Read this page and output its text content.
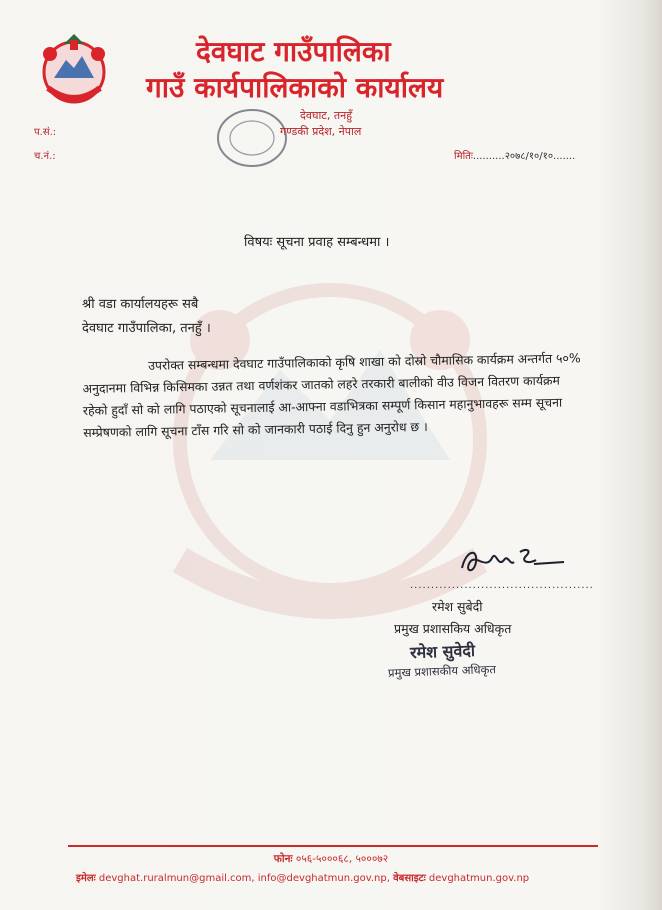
देवघाट गाउँपालिका
गाउँ कार्यपालिकाको कार्यालय
देवघाट, तनहुँ
गण्डकी प्रदेश, नेपाल
प.सं.:
च.नं.:	मितिः..........२०७८/१०/१०.......
विषयः सूचना प्रवाह सम्बन्धमा ।
श्री वडा कार्यालयहरू सबै
देवघाट गाउँपालिका, तनहुँ ।

उपरोक्त सम्बन्धमा देवघाट गाउँपालिकाको कृषि शाखा को दोस्रो चौमासिक कार्यक्रम अन्तर्गत ५०% अनुदानमा विभिन्न किसिमका उन्नत तथा वर्णशंकर जातको लहरे तरकारी बालीको वीउ विजन वितरण कार्यक्रम रहेको हुदाँ सो को लागि पठाएको सूचनालाई आ-आफ्ना वडाभित्रका सम्पूर्ण किसान महानुभावहरू सम्म सूचना सम्प्रेषणको लागि सूचना टाँस गरि सो को जानकारी पठाई दिनु हुन अनुरोध छ ।

............................................
रमेश सुबेदी
प्रमुख प्रशासकिय अधिकृत
रमेश सुवेदी
प्रमुख प्रशासकीय अधिकृत
फोनः ०५६-५०००६८, ५०००७२
इमेलः devghat.ruralmun@gmail.com, info@devghatmun.gov.np, वेबसाइटः devghatmun.gov.np
